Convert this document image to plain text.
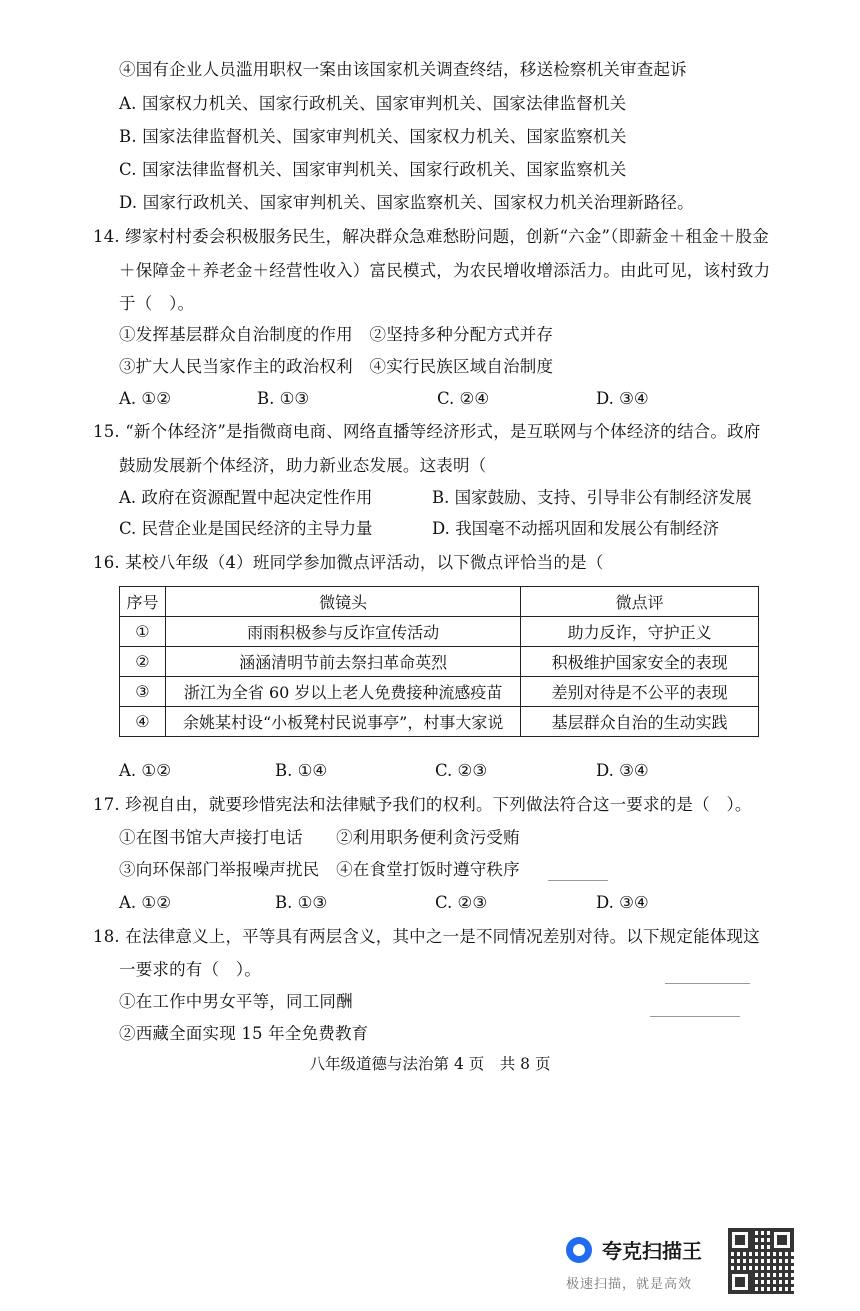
④国有企业人员滥用职权一案由该国家机关调查终结，移送检察机关审查起诉
A. 国家权力机关、国家行政机关、国家审判机关、国家法律监督机关
B. 国家法律监督机关、国家审判机关、国家权力机关、国家监察机关
C. 国家法律监督机关、国家审判机关、国家行政机关、国家监察机关
D. 国家行政机关、国家审判机关、国家监察机关、国家权力机关治理新路径。
14. 缪家村村委会积极服务民生，解决群众急难愁盼问题，创新“六金”（即薪金＋租金＋股金
＋保障金＋养老金＋经营性收入）富民模式，为农民增收增添活力。由此可见，该村致力
于（　）。
①发挥基层群众自治制度的作用　②坚持多种分配方式并存
③扩大人民当家作主的政治权利　④实行民族区域自治制度
A. ①②	B. ①③	C. ②④	D. ③④
15. “新个体经济”是指微商电商、网络直播等经济形式，是互联网与个体经济的结合。政府
鼓励发展新个体经济，助力新业态发展。这表明（
A. 政府在资源配置中起决定性作用	B. 国家鼓励、支持、引导非公有制经济发展
C. 民营企业是国民经济的主导力量	D. 我国毫不动摇巩固和发展公有制经济
16. 某校八年级（4）班同学参加微点评活动，以下微点评恰当的是（
序号	微镜头	微点评
①	雨雨积极参与反诈宣传活动	助力反诈，守护正义
②	涵涵清明节前去祭扫革命英烈	积极维护国家安全的表现
③	浙江为全省 60 岁以上老人免费接种流感疫苗	差别对待是不公平的表现
④	余姚某村设“小板凳村民说事亭”，村事大家说	基层群众自治的生动实践
A. ①②	B. ①④	C. ②③	D. ③④
17. 珍视自由，就要珍惜宪法和法律赋予我们的权利。下列做法符合这一要求的是（　）。
①在图书馆大声接打电话　　②利用职务便利贪污受贿
③向环保部门举报噪声扰民　④在食堂打饭时遵守秩序
A. ①②	B. ①③	C. ②③	D. ③④
18. 在法律意义上，平等具有两层含义，其中之一是不同情况差别对待。以下规定能体现这
一要求的有（　）。
①在工作中男女平等，同工同酬
②西藏全面实现 15 年全免费教育
八年级道德与法治第 4 页　共 8 页
夸克扫描王
极速扫描，就是高效
